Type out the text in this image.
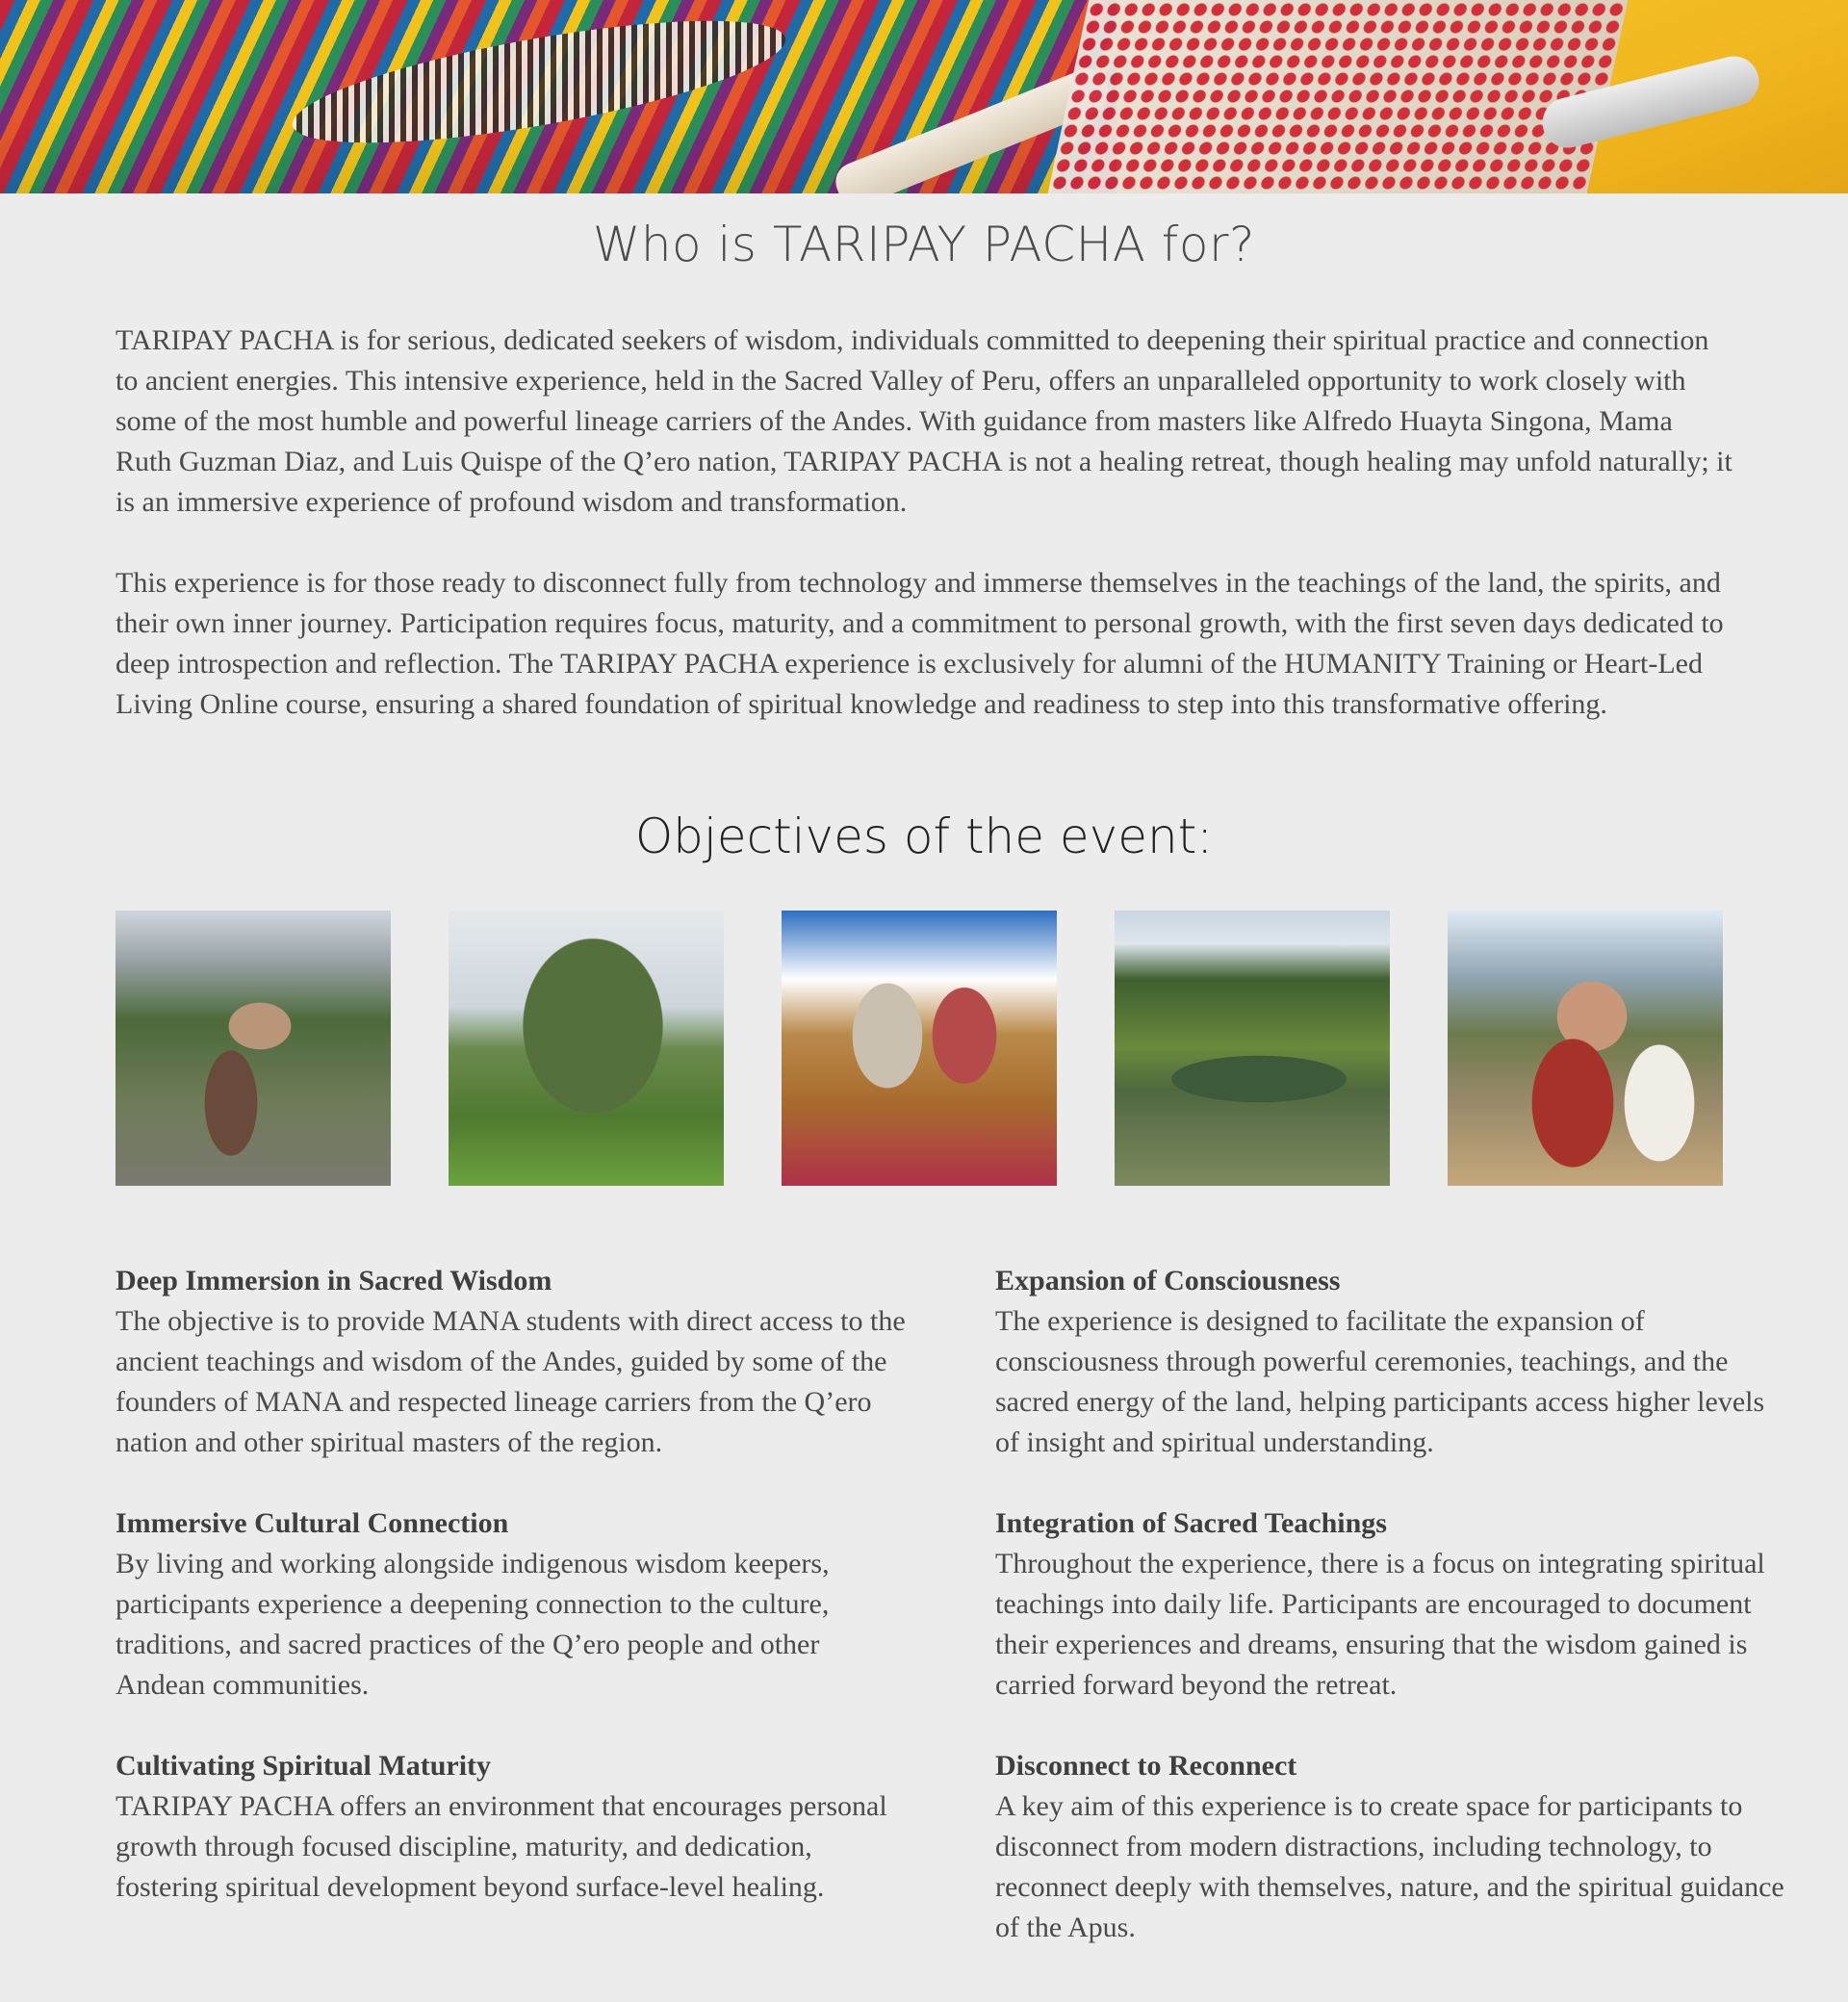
Who is TARIPAY PACHA for?

TARIPAY PACHA is for serious, dedicated seekers of wisdom, individuals committed to deepening their spiritual practice and connection to ancient energies. This intensive experience, held in the Sacred Valley of Peru, offers an unparalleled opportunity to work closely with some of the most humble and powerful lineage carriers of the Andes. With guidance from masters like Alfredo Huayta Singona, Mama Ruth Guzman Diaz, and Luis Quispe of the Q’ero nation, TARIPAY PACHA is not a healing retreat, though healing may unfold naturally; it is an immersive experience of profound wisdom and transformation.

This experience is for those ready to disconnect fully from technology and immerse themselves in the teachings of the land, the spirits, and their own inner journey. Participation requires focus, maturity, and a commitment to personal growth, with the first seven days dedicated to deep introspection and reflection. The TARIPAY PACHA experience is exclusively for alumni of the HUMANITY Training or Heart-Led Living Online course, ensuring a shared foundation of spiritual knowledge and readiness to step into this transformative offering.

Objectives of the event:
Deep Immersion in Sacred Wisdom
The objective is to provide MANA students with direct access to the ancient teachings and wisdom of the Andes, guided by some of the founders of MANA and respected lineage carriers from the Q’ero nation and other spiritual masters of the region.
Expansion of Consciousness
The experience is designed to facilitate the expansion of consciousness through powerful ceremonies, teachings, and the sacred energy of the land, helping participants access higher levels of insight and spiritual understanding.
Immersive Cultural Connection
By living and working alongside indigenous wisdom keepers, participants experience a deepening connection to the culture, traditions, and sacred practices of the Q’ero people and other Andean communities.
Integration of Sacred Teachings
Throughout the experience, there is a focus on integrating spiritual teachings into daily life. Participants are encouraged to document their experiences and dreams, ensuring that the wisdom gained is carried forward beyond the retreat.
Cultivating Spiritual Maturity
TARIPAY PACHA offers an environment that encourages personal growth through focused discipline, maturity, and dedication, fostering spiritual development beyond surface-level healing.
Disconnect to Reconnect
A key aim of this experience is to create space for participants to disconnect from modern distractions, including technology, to reconnect deeply with themselves, nature, and the spiritual guidance of the Apus.
